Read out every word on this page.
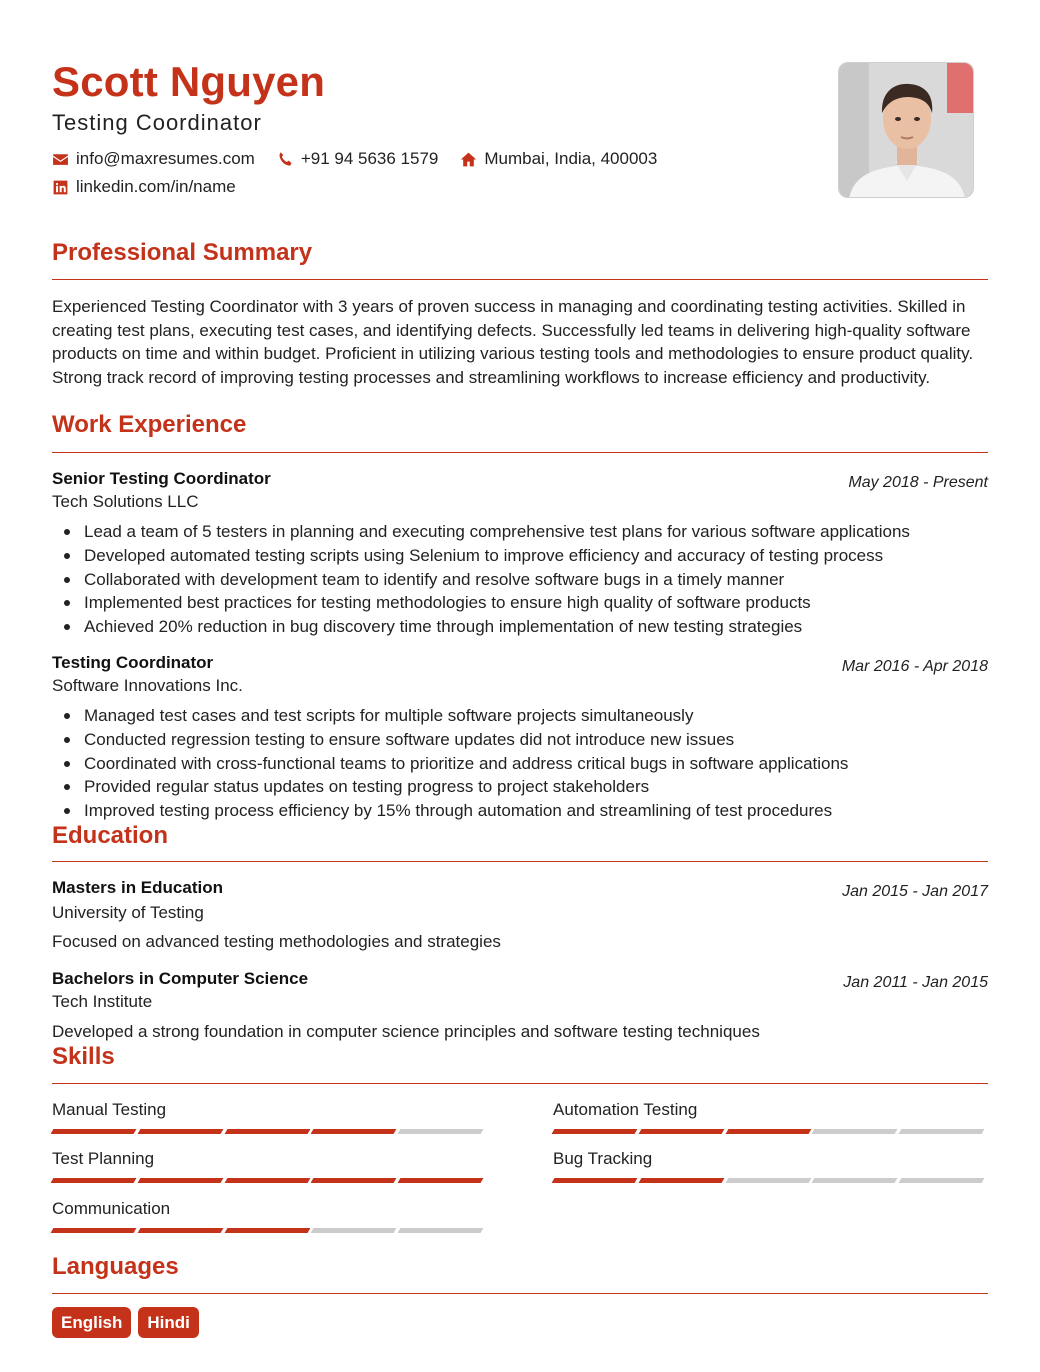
Scott Nguyen
Testing Coordinator
info@maxresumes.com	+91 94 5636 1579	Mumbai, India, 400003
linkedin.com/in/name
Professional Summary
Experienced Testing Coordinator with 3 years of proven success in managing and coordinating testing activities. Skilled in creating test plans, executing test cases, and identifying defects. Successfully led teams in delivering high-quality software products on time and within budget. Proficient in utilizing various testing tools and methodologies to ensure product quality. Strong track record of improving testing processes and streamlining workflows to increase efficiency and productivity.
Work Experience
Senior Testing Coordinator	May 2018 - Present
Tech Solutions LLC
Lead a team of 5 testers in planning and executing comprehensive test plans for various software applications
Developed automated testing scripts using Selenium to improve efficiency and accuracy of testing process
Collaborated with development team to identify and resolve software bugs in a timely manner
Implemented best practices for testing methodologies to ensure high quality of software products
Achieved 20% reduction in bug discovery time through implementation of new testing strategies
Testing Coordinator	Mar 2016 - Apr 2018
Software Innovations Inc.
Managed test cases and test scripts for multiple software projects simultaneously
Conducted regression testing to ensure software updates did not introduce new issues
Coordinated with cross-functional teams to prioritize and address critical bugs in software applications
Provided regular status updates on testing progress to project stakeholders
Improved testing process efficiency by 15% through automation and streamlining of test procedures
Education
Masters in Education	Jan 2015 - Jan 2017
University of Testing
Focused on advanced testing methodologies and strategies
Bachelors in Computer Science	Jan 2011 - Jan 2015
Tech Institute
Developed a strong foundation in computer science principles and software testing techniques
Skills
Manual Testing	Automation Testing
Test Planning	Bug Tracking
Communication
Languages
English	Hindi
